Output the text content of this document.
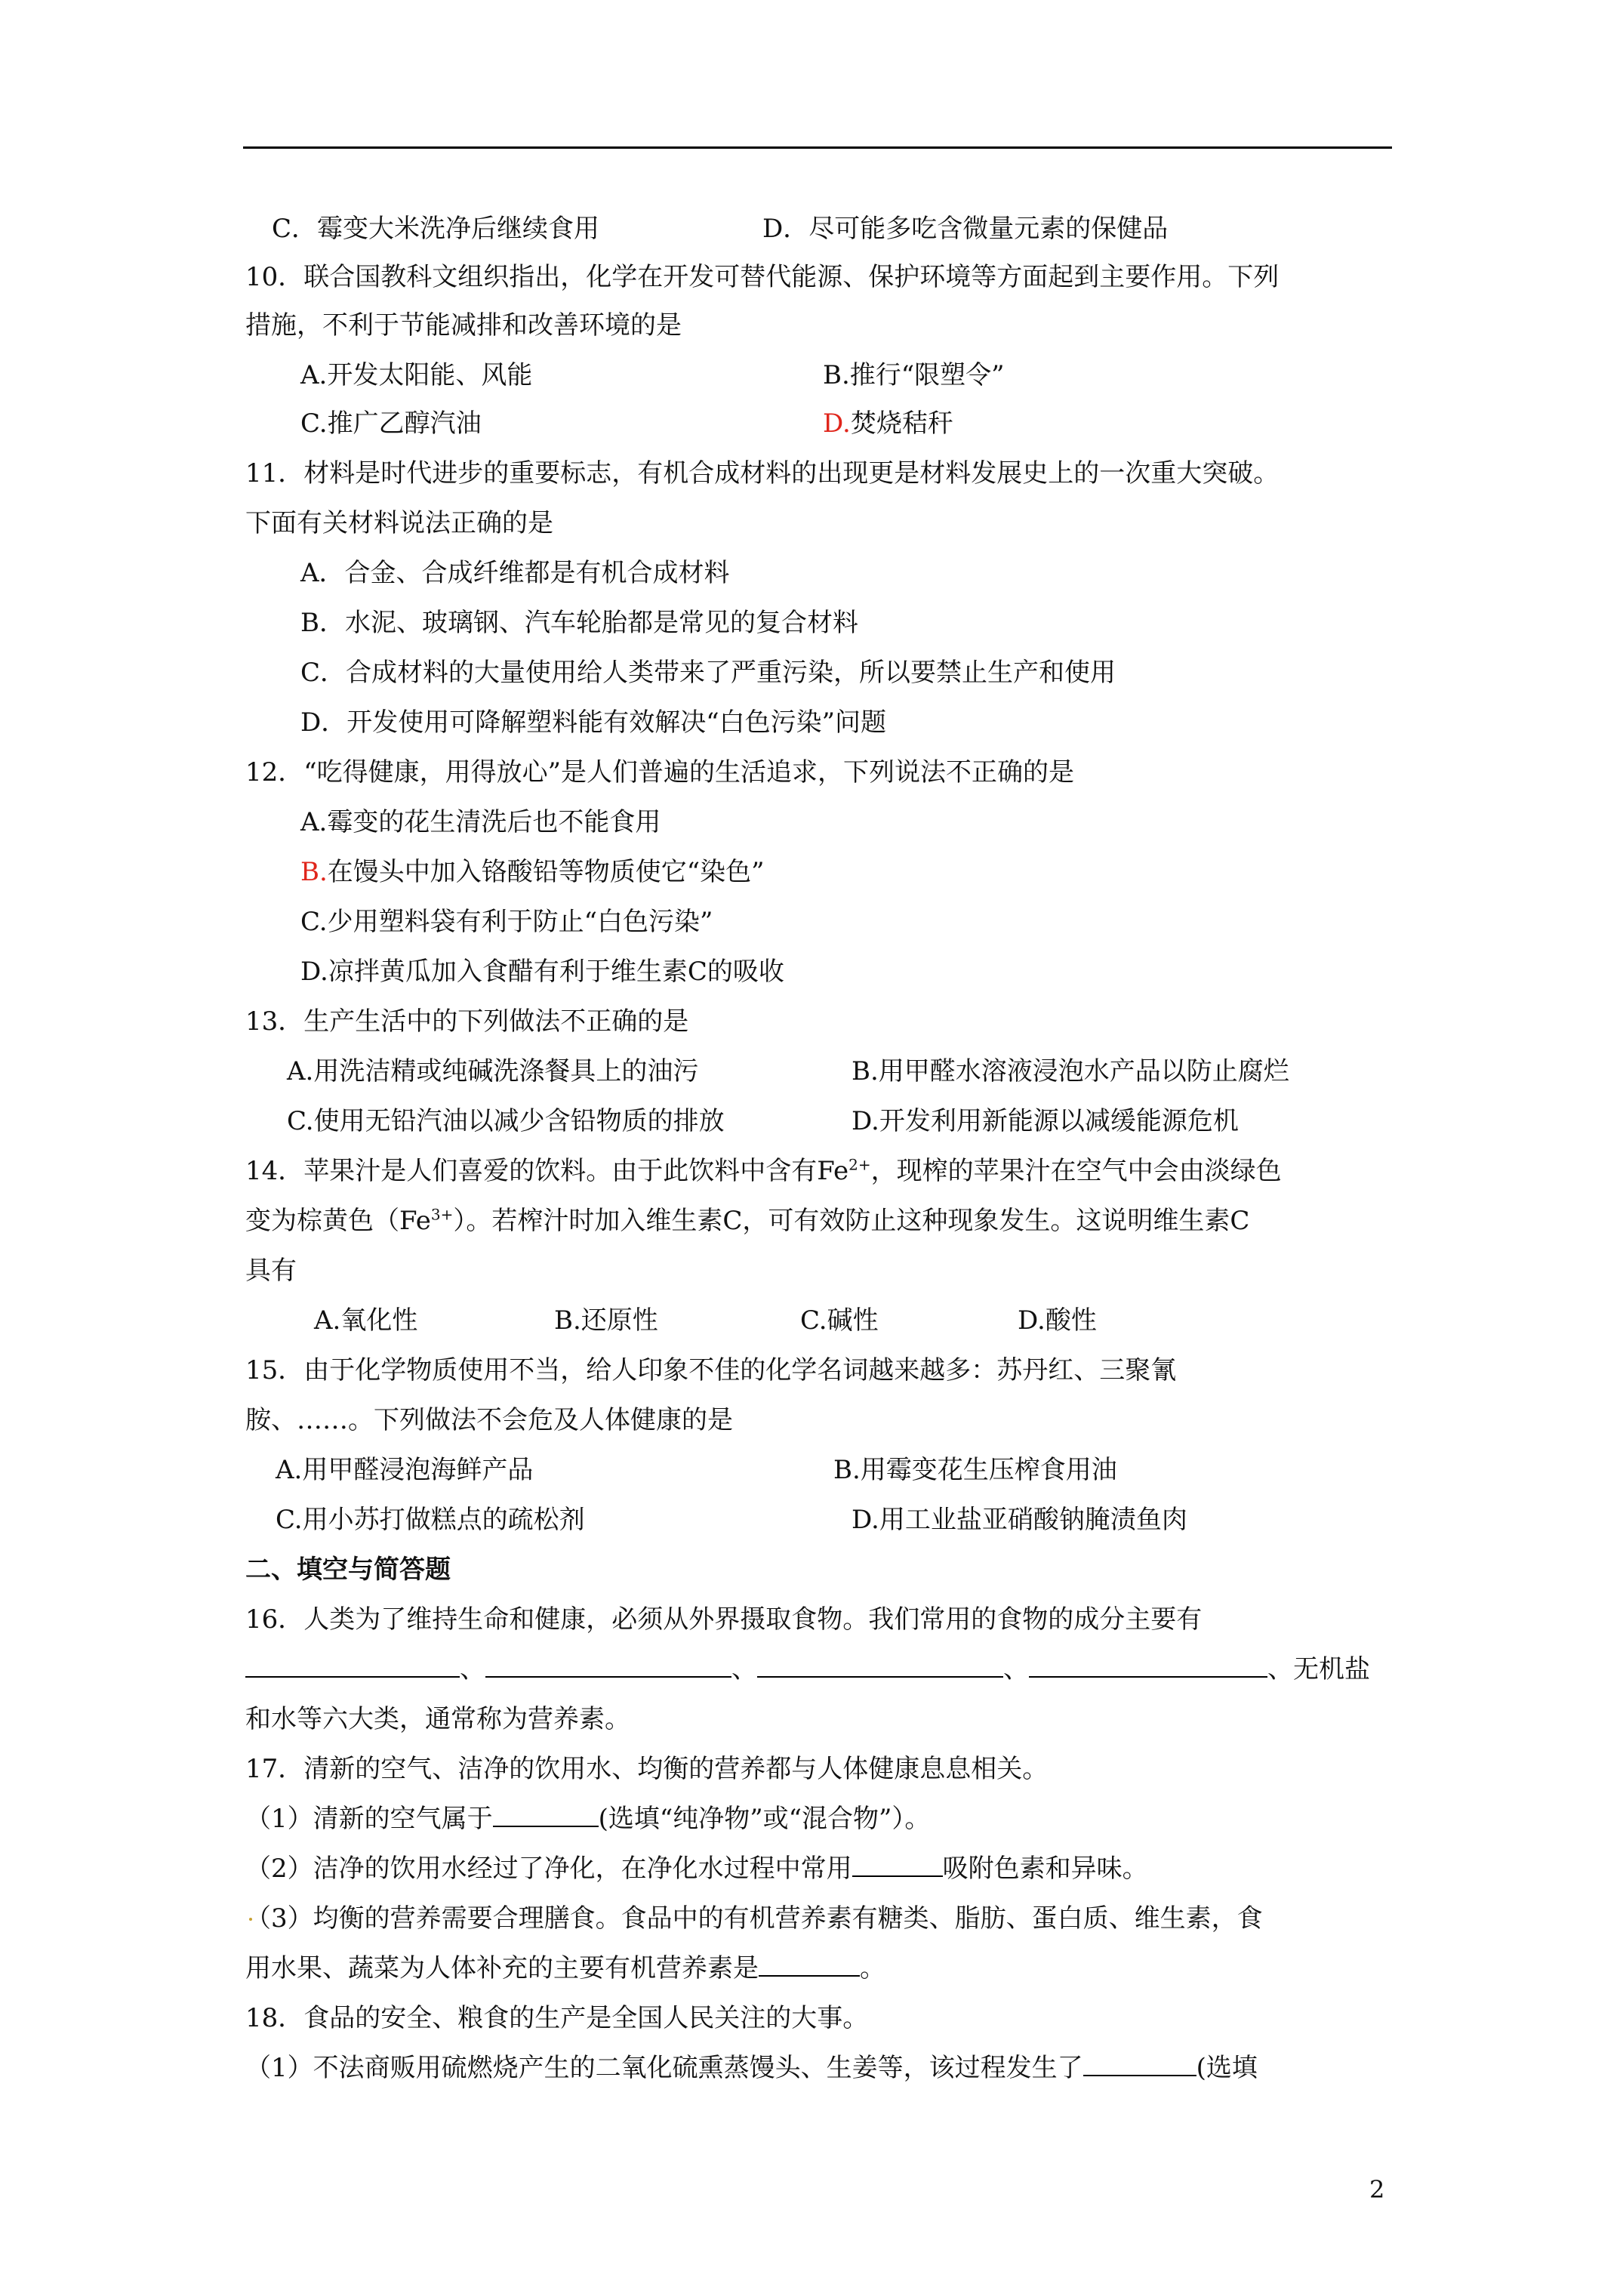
C．霉变大米洗净后继续食用	D．尽可能多吃含微量元素的保健品
10．联合国教科文组织指出，化学在开发可替代能源、保护环境等方面起到主要作用。下列
措施，不利于节能减排和改善环境的是
A.开发太阳能、风能	B.推行“限塑令”
C.推广乙醇汽油	D.焚烧秸秆
11．材料是时代进步的重要标志，有机合成材料的出现更是材料发展史上的一次重大突破。
下面有关材料说法正确的是
A．合金、合成纤维都是有机合成材料
B．水泥、玻璃钢、汽车轮胎都是常见的复合材料
C．合成材料的大量使用给人类带来了严重污染，所以要禁止生产和使用
D．开发使用可降解塑料能有效解决“白色污染”问题
12．“吃得健康，用得放心”是人们普遍的生活追求，下列说法不正确的是
A.霉变的花生清洗后也不能食用
B.在馒头中加入铬酸铅等物质使它“染色”
C.少用塑料袋有利于防止“白色污染”
D.凉拌黄瓜加入食醋有利于维生素C的吸收
13．生产生活中的下列做法不正确的是
A.用洗洁精或纯碱洗涤餐具上的油污	B.用甲醛水溶液浸泡水产品以防止腐烂
C.使用无铅汽油以减少含铅物质的排放	D.开发利用新能源以减缓能源危机
14．苹果汁是人们喜爱的饮料。由于此饮料中含有$Fe^{2+}$，现榨的苹果汁在空气中会由淡绿色
变为棕黄色$(Fe^{3+})$。若榨汁时加入维生素C，可有效防止这种现象发生。这说明维生素C
具有
A.氧化性	B.还原性	C.碱性	D.酸性
15．由于化学物质使用不当，给人印象不佳的化学名词越来越多：苏丹红、三聚氰
胺、……。下列做法不会危及人体健康的是
A.用甲醛浸泡海鲜产品	B.用霉变花生压榨食用油
C.用小苏打做糕点的疏松剂	D.用工业盐亚硝酸钠腌渍鱼肉
二、填空与简答题
16．人类为了维持生命和健康，必须从外界摄取食物。我们常用的食物的成分主要有
、	、	、	、无机盐
和水等六大类，通常称为营养素。
17．清新的空气、洁净的饮用水、均衡的营养都与人体健康息息相关。
（1）清新的空气属于	(选填“纯净物”或“混合物”）。
（2）洁净的饮用水经过了净化，在净化水过程中常用	吸附色素和异味。
（3）均衡的营养需要合理膳食。食品中的有机营养素有糖类、脂肪、蛋白质、维生素，食
用水果、蔬菜为人体补充的主要有机营养素是	。
18．食品的安全、粮食的生产是全国人民关注的大事。
（1）不法商贩用硫燃烧产生的二氧化硫熏蒸馒头、生姜等，该过程发生了	(选填
2
